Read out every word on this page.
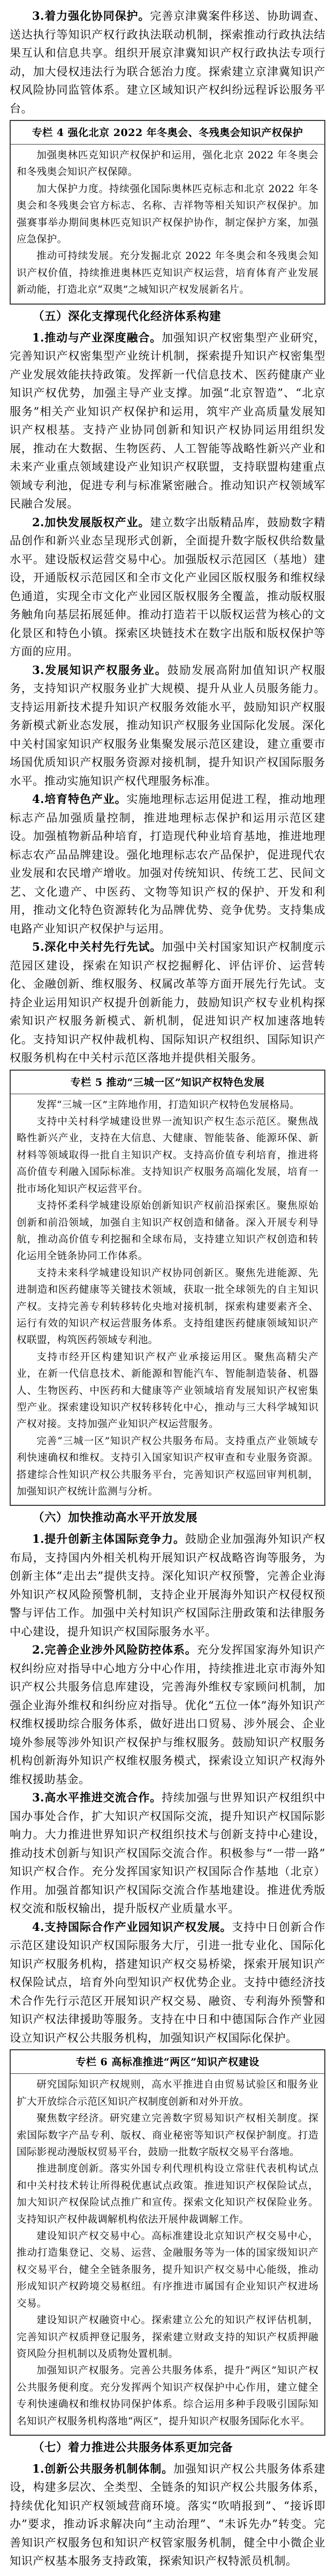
3.着力强化协同保护。完善京津冀案件移送、协助调查、送达执行等知识产权行政执法联动机制，探索推动行政执法结果互认和信息共享。组织开展京津冀知识产权行政执法专项行动，加大侵权违法行为联合惩治力度。探索建立京津冀知识产权风险协同监管体系。建立区域知识产权纠纷远程诉讼服务平台。

专栏 4 强化北京 2022 年冬奥会、冬残奥会知识产权保护

加强奥林匹克知识产权保护和运用，强化北京 2022 年冬奥会和冬残奥会知识产权保障。

加大保护力度。持续强化国际奥林匹克标志和北京 2022 年冬奥会和冬残奥会官方标志、名称、吉祥物等相关知识产权保护。加强赛事举办期间奥林匹克知识产权保护协作，制定保护方案，加强应急保护。

推动可持续发展。充分发掘北京 2022 年冬奥会和冬残奥会知识产权价值，持续推进奥林匹克知识产权运营，培育体育产业发展新动能，打造北京“双奥”之城知识产权发展新名片。

（五）深化支撑现代化经济体系构建

1.推动与产业深度融合。加强知识产权密集型产业研究，完善知识产权密集型产业统计机制，探索提升知识产权密集型产业发展效能扶持政策。发挥新一代信息技术、医药健康产业知识产权优势，加强主导产业支撑。加强“北京智造”、“北京服务”相关产业知识产权保护和运用，筑牢产业高质量发展知识产权根基。支持产业协同创新和知识产权协同运用组织发展，推动在大数据、生物医药、人工智能等战略性新兴产业和未来产业重点领域建设产业知识产权联盟，支持联盟构建重点领域专利池，促进专利与标准紧密融合。推动知识产权领域军民融合发展。

2.加快发展版权产业。建立数字出版精品库，鼓励数字精品创作和新兴业态呈现形式创新，全面提升数字版权供给数量水平。建设版权运营交易中心。加强版权示范园区（基地）建设，开通版权示范园区和全市文化产业园区版权服务和维权绿色通道，实现全市文化产业园区版权服务全覆盖，推动版权服务触角向基层拓展延伸。推动打造若干以版权运营为核心的文化景区和特色小镇。探索区块链技术在数字出版和版权保护等方面的应用。

3.发展知识产权服务业。鼓励发展高附加值知识产权服务，支持知识产权服务业扩大规模、提升从业人员服务能力。支持运用新技术提升知识产权服务效能水平，鼓励知识产权服务新模式新业态发展，推动知识产权服务业国际化发展。深化中关村国家知识产权服务业集聚发展示范区建设，建立重要市场国优质知识产权服务资源对接机制，提升知识产权国际服务水平。推动实施知识产权代理服务标准。

4.培育特色产业。实施地理标志运用促进工程，推动地理标志产品加强质量控制，推进地理标志保护和运用示范区建设。加强植物新品种培育，打造现代种业培育基地，推进地理标志农产品品牌建设。强化地理标志农产品保护，促进现代农业发展和农民增产增收。加强对传统知识、传统工艺、民间文艺、文化遗产、中医药、文物等知识产权的保护、开发和利用，推动文化特色资源转化为品牌优势、竞争优势。支持集成电路产业知识产权保护与运用。

5.深化中关村先行先试。加强中关村国家知识产权制度示范园区建设，探索在知识产权挖掘孵化、评估评价、运营转化、金融创新、维权服务、权属改革等方面开展先行先试。支持企业运用知识产权提升创新能力，鼓励知识产权专业机构探索知识产权服务新模式、新机制，促进知识产权加速落地转化。支持知识产权仲裁机构、国际知识产权组织、国际知识产权服务机构在中关村示范区落地并提供相关服务。

专栏 5 推动“三城一区”知识产权特色发展

发挥“三城一区”主阵地作用，打造知识产权特色发展格局。

支持中关村科学城建设世界一流知识产权生态示范区。聚焦战略性新兴产业，支持在大信息、大健康、智能装备、能源环保、新材料等领域取得一批自主知识产权。支持高价值专利培育，推进将高价值专利融入国际标准。支持知识产权服务高端化发展，培育一批市场化知识产权运营平台。

支持怀柔科学城建设原始创新知识产权前沿探索区。聚焦原始创新和前沿领域，加强自主知识产权创造和储备。深入开展专利导航，推动高价值专利挖掘和全球布局，支持建立知识产权创造和转化运用全链条协同工作体系。

支持未来科学城建设知识产权协同创新区。聚焦先进能源、先进制造和医药健康等关键技术领域，获取一批全球领先的自主知识产权。支持完善专利转移转化央地对接机制，探索构建要素齐全、运行有效的知识产权运营服务体系。支持组建医药健康领域知识产权联盟，构筑医药领域专利池。

支持市经开区构建知识产权产业承接运用区。聚焦高精尖产业，在新一代信息技术、新能源和智能汽车、智能制造装备、机器人、生物医药、中医药和大健康等产业领域培育发展知识产权密集型产业。探索建设知识产权转移转化中心，推动与三大科学城知识产权对接。支持加强产业知识产权运营服务。

完善“三城一区”知识产权公共服务布局。支持重点产业领域专利快速确权和维权。支持引入国家知识产权审查和专业服务资源。搭建综合性知识产权公共服务平台，完善知识产权巡回审判机制，加强知识产权统计监测与分析。

（六）加快推动高水平开放发展

1.提升创新主体国际竞争力。鼓励企业加强海外知识产权布局，支持国内外相关机构开展知识产权战略咨询等服务，为创新主体“走出去”提供支持。深化知识产权预警，完善企业海外知识产权风险预警机制，支持企业开展海外知识产权侵权预警与评估工作。加强中关村知识产权国际注册政策和法律服务中心建设，提升知识产权国际服务水平。

2.完善企业涉外风险防控体系。充分发挥国家海外知识产权纠纷应对指导中心地方分中心作用，持续推进北京市海外知识产权公共服务信息库建设，完善海外维权专家顾问机制，加强企业海外维权和纠纷应对指导。优化“五位一体”海外知识产权维权援助综合服务体系，做好进出口贸易、涉外展会、企业境外参展等涉外知识产权保护与维权服务。鼓励知识产权服务机构创新海外知识产权维权服务模式，探索设立知识产权海外维权援助基金。

3.高水平推进交流合作。持续加强与世界知识产权组织中国办事处合作，扩大知识产权国际交流，提升知识产权国际影响力。大力推进世界知识产权组织技术与创新支持中心建设，推动技术创新与知识产权国际交流合作。积极参与“一带一路”知识产权合作。充分发挥国家知识产权国际合作基地（北京）作用。加强首都知识产权国际交流合作基地建设。推进优秀版权交流和版权输出，提升版权产业质量水平。

4.支持国际合作产业园知识产权发展。支持中日创新合作示范区建设知识产权国际服务大厅，引进一批专业化、国际化知识产权服务机构，搭建知识产权交易桥梁，探索开展知识产权保险试点，培育外向型知识产权优势企业。支持中德经济技术合作先行示范区开展知识产权交易、融资、专利海外预警和知识产权法律援助等服务。支持在中日和中德国际合作产业园设立知识产权公共服务机构，加强知识产权国际化保护。

专栏 6 高标准推进“两区”知识产权建设

研究国际知识产权规则，高水平推进自由贸易试验区和服务业扩大开放综合示范区知识产权制度创新和对外开放。

聚焦数字经济。研究建立完善数字贸易知识产权相关制度。探索国际数字产品专利、版权、商业秘密等知识产权保护制度。打造国际影视动漫版权贸易平台，鼓励一批数字版权交易平台落地。

推进制度创新。落实外国专利代理机构设立常驻代表机构试点和中关村技术转让所得税优惠试点政策。推进知识产权保险试点，加大知识产权保险试点推广和宣传。探索文化知识产权保险业务。支持知识产权仲裁调解机构依法开展仲裁调解工作。

建设知识产权交易中心。高标准建设北京知识产权交易中心，推动打造集登记、交易、运营、金融服务等为一体的国家级知识产权交易平台，健全全链条服务，提升知识产权交易中心能级，推动形成知识产权跨境交易枢纽。有序推进市属国有企业知识产权进场交易。

建设知识产权融资中心。探索建立公允的知识产权评估机制，完善知识产权质押登记服务，探索建立财政支持的知识产权质押融资风险分担机制以及质物处置机制。

加强知识产权服务。完善公共服务体系，提升“两区”知识产权公共服务便利度。充分发挥两个知识产权保护中心作用，建立健全专利快速确权和维权协同保护体系。综合运用多种手段吸引国际知名知识产权服务机构落地“两区”，提升知识产权服务国际化水平。

（七）着力推进公共服务体系更加完备

1.创新公共服务机制体制。加强知识产权公共服务体系建设，构建多层次、全类型、全链条的知识产权公共服务体系，持续优化知识产权领域营商环境。落实“吹哨报到”、“接诉即办”要求，推动诉求解决向“主动治理”、“未诉先办”转变。完善知识产权服务包和知识产权管家服务机制，健全中小微企业知识产权基本服务支持政策，探索知识产权特派员机制。
